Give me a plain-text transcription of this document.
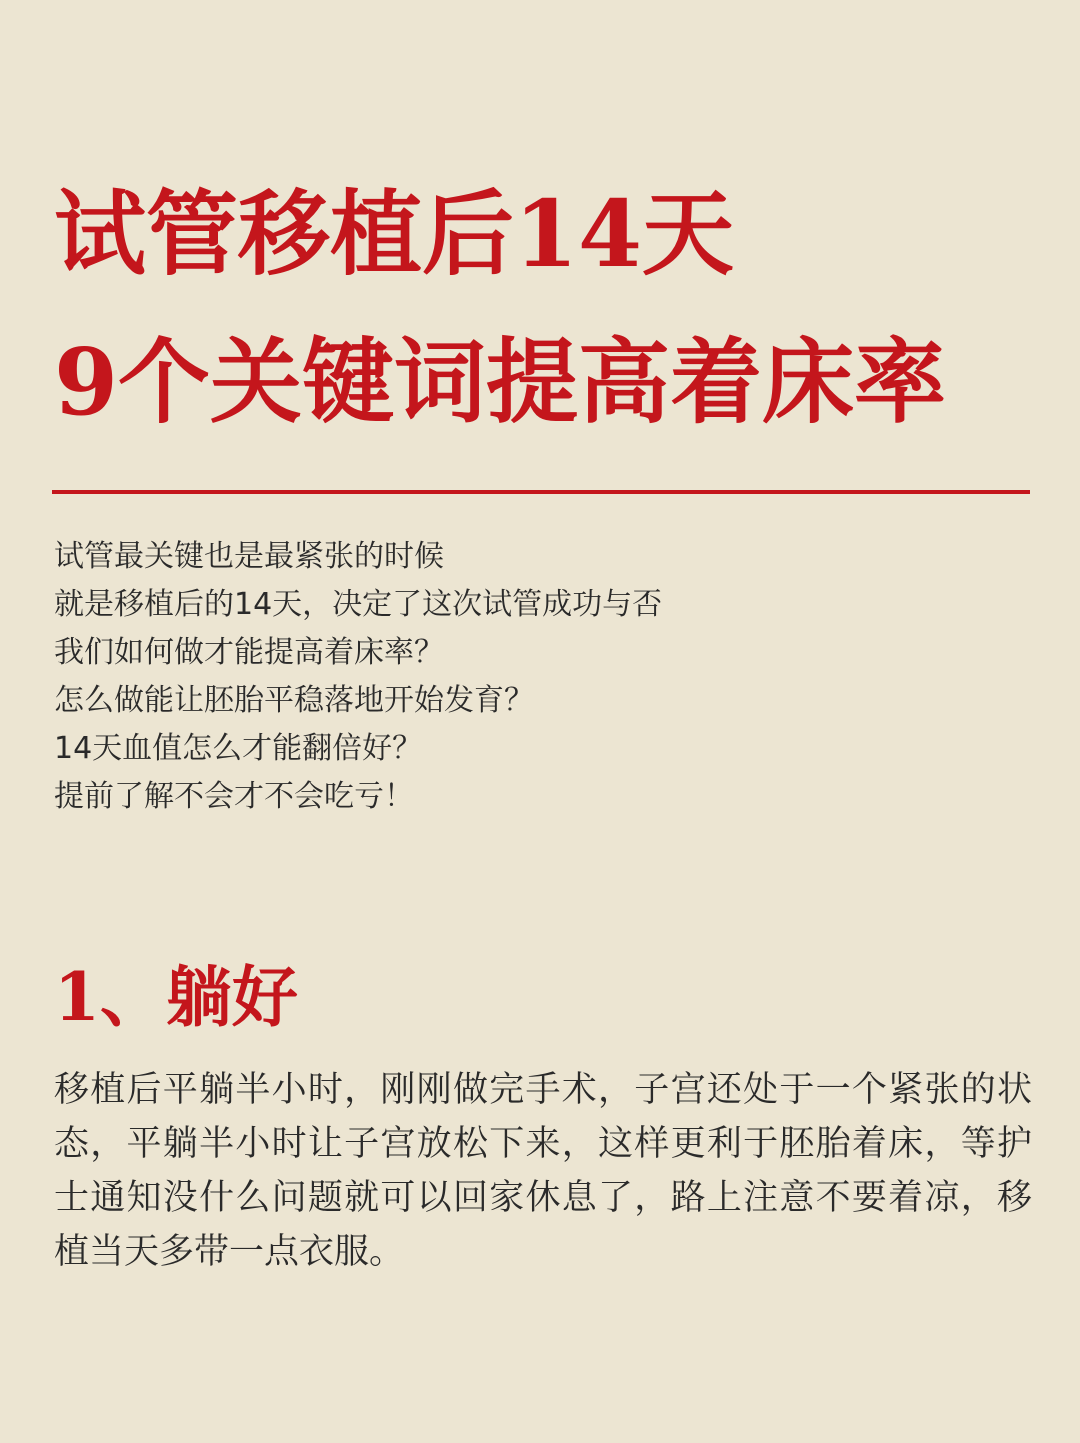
试管移植后14天
9个关键词提高着床率
试管最关键也是最紧张的时候
就是移植后的14天，决定了这次试管成功与否
我们如何做才能提高着床率？
怎么做能让胚胎平稳落地开始发育？
14天血值怎么才能翻倍好？
提前了解不会才不会吃亏！
1、躺好

移植后平躺半小时，刚刚做完手术，子宫还处于一个紧张的状态，平躺半小时让子宫放松下来，这样更利于胚胎着床，等护士通知没什么问题就可以回家休息了，路上注意不要着凉，移植当天多带一点衣服。
